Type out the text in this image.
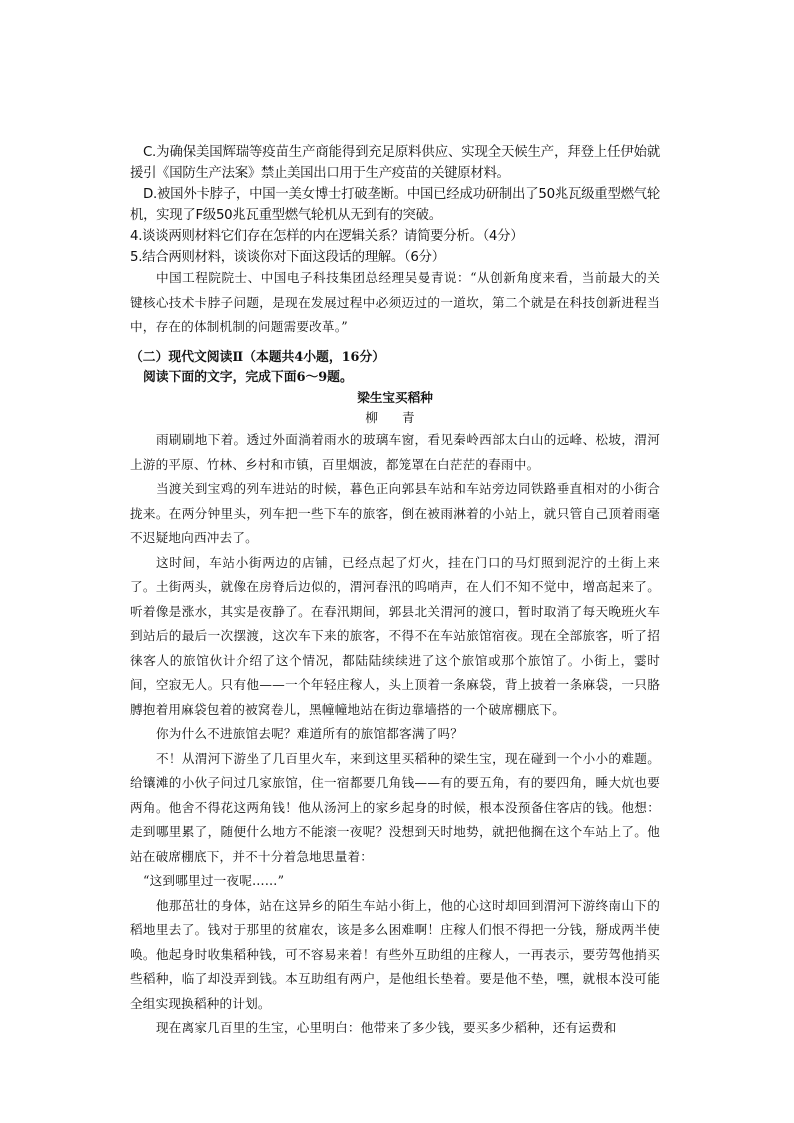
C.为确保美国辉瑞等疫苗生产商能得到充足原料供应、实现全天候生产，拜登上任伊始就援引《国防生产法案》禁止美国出口用于生产疫苗的关键原材料。

D.被国外卡脖子，中国一美女博士打破垄断。中国已经成功研制出了50兆瓦级重型燃气轮机，实现了F级50兆瓦重型燃气轮机从无到有的突破。

4.谈谈两则材料它们存在怎样的内在逻辑关系？请简要分析。（4分）

5.结合两则材料，谈谈你对下面这段话的理解。（6分）

中国工程院院士、中国电子科技集团总经理吴曼青说：“从创新角度来看，当前最大的关键核心技术卡脖子问题，是现在发展过程中必须迈过的一道坎，第二个就是在科技创新进程当中，存在的体制机制的问题需要改革。”

（二）现代文阅读Ⅱ（本题共4小题，16分）

阅读下面的文字，完成下面6～9题。

梁生宝买稻种

柳 青

雨刷刷地下着。透过外面淌着雨水的玻璃车窗，看见秦岭西部太白山的远峰、松坡，渭河上游的平原、竹林、乡村和市镇，百里烟波，都笼罩在白茫茫的春雨中。

当渡关到宝鸡的列车进站的时候，暮色正向郭县车站和车站旁边同铁路垂直相对的小街合拢来。在两分钟里头，列车把一些下车的旅客，倒在被雨淋着的小站上，就只管自己顶着雨毫不迟疑地向西冲去了。

这时间，车站小街两边的店铺，已经点起了灯火，挂在门口的马灯照到泥泞的土街上来了。土街两头，就像在房脊后边似的，渭河春汛的呜哨声，在人们不知不觉中，增高起来了。听着像是涨水，其实是夜静了。在春汛期间，郭县北关渭河的渡口，暂时取消了每天晚班火车到站后的最后一次摆渡，这次车下来的旅客，不得不在车站旅馆宿夜。现在全部旅客，听了招徕客人的旅馆伙计介绍了这个情况，都陆陆续续进了这个旅馆或那个旅馆了。小街上，霎时间，空寂无人。只有他——一个年轻庄稼人，头上顶着一条麻袋，背上披着一条麻袋，一只胳膊抱着用麻袋包着的被窝卷儿，黑幢幢地站在街边靠墙搭的一个破席棚底下。

你为什么不进旅馆去呢？难道所有的旅馆都客满了吗？

不！从渭河下游坐了几百里火车，来到这里买稻种的梁生宝，现在碰到一个小小的难题。给镶滩的小伙子问过几家旅馆，住一宿都要几角钱——有的要五角，有的要四角，睡大炕也要两角。他舍不得花这两角钱！他从汤河上的家乡起身的时候，根本没预备住客店的钱。他想：走到哪里累了，随便什么地方不能滚一夜呢？没想到天时地势，就把他搁在这个车站上了。他站在破席棚底下，并不十分着急地思量着：

“这到哪里过一夜呢……”

他那茁壮的身体，站在这异乡的陌生车站小街上，他的心这时却回到渭河下游终南山下的稻地里去了。钱对于那里的贫雇农，该是多么困难啊！庄稼人们恨不得把一分钱，掰成两半使唤。他起身时收集稻种钱，可不容易来着！有些外互助组的庄稼人，一再表示，要劳驾他捎买些稻种，临了却没弄到钱。本互助组有两户，是他组长垫着。要是他不垫，嘿，就根本没可能全组实现换稻种的计划。

现在离家几百里的生宝，心里明白：他带来了多少钱，要买多少稻种，还有运费和
